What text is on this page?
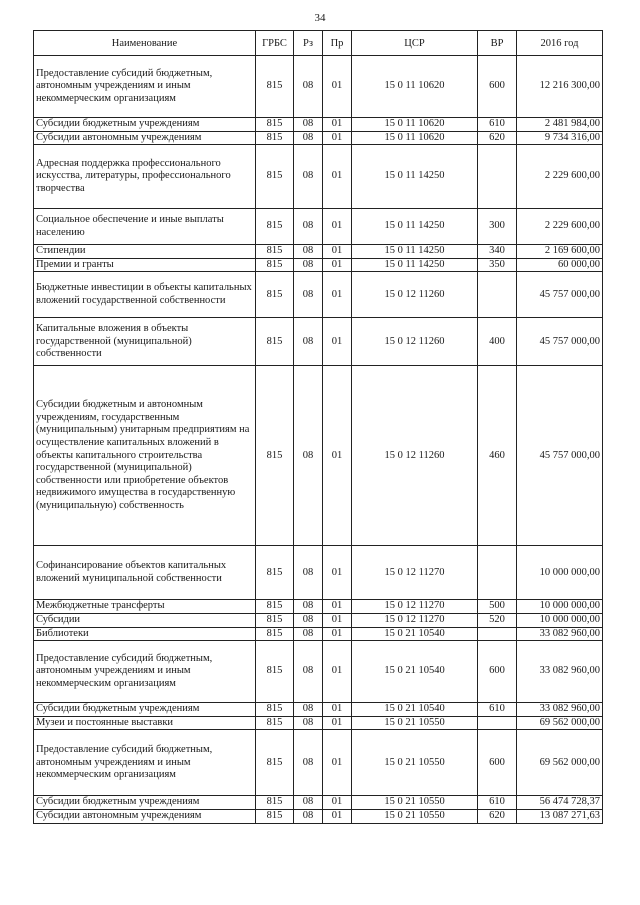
34
Наименование	ГРБС	Рз	Пр	ЦСР	ВР	2016 год
Предоставление субсидий бюджетным, автономным учреждениям и иным некоммерческим организациям	815	08	01	15 0 11 10620	600	12 216 300,00
Субсидии бюджетным учреждениям	815	08	01	15 0 11 10620	610	2 481 984,00
Субсидии автономным учреждениям	815	08	01	15 0 11 10620	620	9 734 316,00
Адресная поддержка профессионального искусства, литературы, профессионального творчества	815	08	01	15 0 11 14250		2 229 600,00
Социальное обеспечение и иные выплаты населению	815	08	01	15 0 11 14250	300	2 229 600,00
Стипендии	815	08	01	15 0 11 14250	340	2 169 600,00
Премии и гранты	815	08	01	15 0 11 14250	350	60 000,00
Бюджетные инвестиции в объекты капитальных вложений государственной собственности	815	08	01	15 0 12 11260		45 757 000,00
Капитальные вложения в объекты государственной (муниципальной) собственности	815	08	01	15 0 12 11260	400	45 757 000,00
Субсидии бюджетным и автономным учреждениям, государственным (муниципальным) унитарным предприятиям на осуществление капитальных вложений в объекты капитального строительства государственной (муниципальной) собственности или приобретение объектов недвижимого имущества в государственную (муниципальную) собственность	815	08	01	15 0 12 11260	460	45 757 000,00
Софинансирование объектов капитальных вложений муниципальной собственности	815	08	01	15 0 12 11270		10 000 000,00
Межбюджетные трансферты	815	08	01	15 0 12 11270	500	10 000 000,00
Субсидии	815	08	01	15 0 12 11270	520	10 000 000,00
Библиотеки	815	08	01	15 0 21 10540		33 082 960,00
Предоставление субсидий бюджетным, автономным учреждениям и иным некоммерческим организациям	815	08	01	15 0 21 10540	600	33 082 960,00
Субсидии бюджетным учреждениям	815	08	01	15 0 21 10540	610	33 082 960,00
Музеи и постоянные выставки	815	08	01	15 0 21 10550		69 562 000,00
Предоставление субсидий бюджетным, автономным учреждениям и иным некоммерческим организациям	815	08	01	15 0 21 10550	600	69 562 000,00
Субсидии бюджетным учреждениям	815	08	01	15 0 21 10550	610	56 474 728,37
Субсидии автономным учреждениям	815	08	01	15 0 21 10550	620	13 087 271,63
